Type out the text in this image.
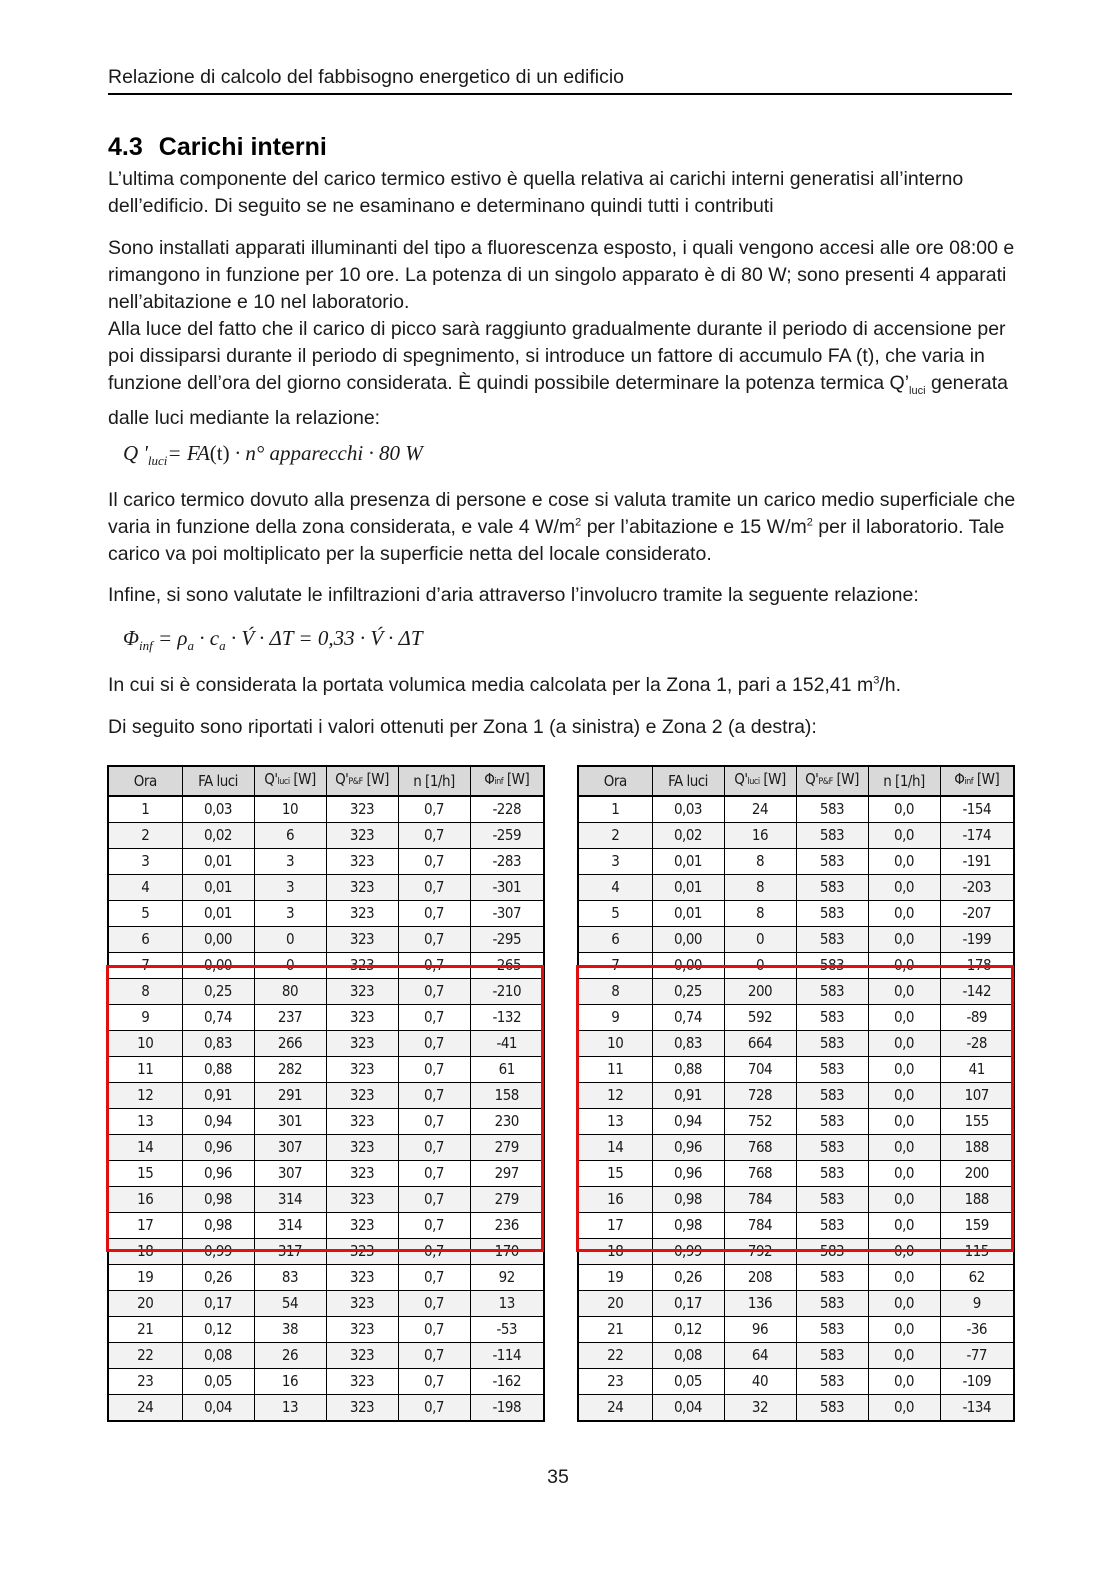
Relazione di calcolo del fabbisogno energetico di un edificio
4.3 Carichi interni

L’ultima componente del carico termico estivo è quella relativa ai carichi interni generatisi all’interno dell’edificio. Di seguito se ne esaminano e determinano quindi tutti i contributi

Sono installati apparati illuminanti del tipo a fluorescenza esposto, i quali vengono accesi alle ore 08:00 e rimangono in funzione per 10 ore. La potenza di un singolo apparato è di 80 W; sono presenti 4 apparati nell’abitazione e 10 nel laboratorio.

Alla luce del fatto che il carico di picco sarà raggiunto gradualmente durante il periodo di accensione per poi dissiparsi durante il periodo di spegnimento, si introduce un fattore di accumulo FA (t), che varia in funzione dell’ora del giorno considerata. È quindi possibile determinare la potenza termica $Q’_{luci}$ generata dalle luci mediante la relazione:

Q '$_{luci}= FA(t) \cdot n^\circ$ apparecchi · 80 W

Il carico termico dovuto alla presenza di persone e cose si valuta tramite un carico medio superficiale che varia in funzione della zona considerata, e vale 4 $W/m^2$ per l’abitazione e 15 $W/m^2$ per il laboratorio. Tale carico va poi moltiplicato per la superficie netta del locale considerato.

Infine, si sono valutate le infiltrazioni d’aria attraverso l’involucro tramite la seguente relazione:

$\Phi_{inf} = \rho_a \cdot c_a$ · V́ · ΔT = 0,33 · V́ · ΔT

In cui si è considerata la portata volumica media calcolata per la Zona 1, pari a 152,41 $m^3/h$.

Di seguito sono riportati i valori ottenuti per Zona 1 (a sinistra) e Zona 2 (a destra):

Ora	FA luci	Q'luci [W]	Q'P&F [W]	n [1/h]	Φinf [W]
1	0,03	10	323	0,7	-228
2	0,02	6	323	0,7	-259
3	0,01	3	323	0,7	-283
4	0,01	3	323	0,7	-301
5	0,01	3	323	0,7	-307
6	0,00	0	323	0,7	-295
7	0,00	0	323	0,7	-265
8	0,25	80	323	0,7	-210
9	0,74	237	323	0,7	-132
10	0,83	266	323	0,7	-41
11	0,88	282	323	0,7	61
12	0,91	291	323	0,7	158
13	0,94	301	323	0,7	230
14	0,96	307	323	0,7	279
15	0,96	307	323	0,7	297
16	0,98	314	323	0,7	279
17	0,98	314	323	0,7	236
18	0,99	317	323	0,7	170
19	0,26	83	323	0,7	92
20	0,17	54	323	0,7	13
21	0,12	38	323	0,7	-53
22	0,08	26	323	0,7	-114
23	0,05	16	323	0,7	-162
24	0,04	13	323	0,7	-198
Ora	FA luci	Q'luci [W]	Q'P&F [W]	n [1/h]	Φinf [W]
1	0,03	24	583	0,0	-154
2	0,02	16	583	0,0	-174
3	0,01	8	583	0,0	-191
4	0,01	8	583	0,0	-203
5	0,01	8	583	0,0	-207
6	0,00	0	583	0,0	-199
7	0,00	0	583	0,0	-178
8	0,25	200	583	0,0	-142
9	0,74	592	583	0,0	-89
10	0,83	664	583	0,0	-28
11	0,88	704	583	0,0	41
12	0,91	728	583	0,0	107
13	0,94	752	583	0,0	155
14	0,96	768	583	0,0	188
15	0,96	768	583	0,0	200
16	0,98	784	583	0,0	188
17	0,98	784	583	0,0	159
18	0,99	792	583	0,0	115
19	0,26	208	583	0,0	62
20	0,17	136	583	0,0	9
21	0,12	96	583	0,0	-36
22	0,08	64	583	0,0	-77
23	0,05	40	583	0,0	-109
24	0,04	32	583	0,0	-134
35
